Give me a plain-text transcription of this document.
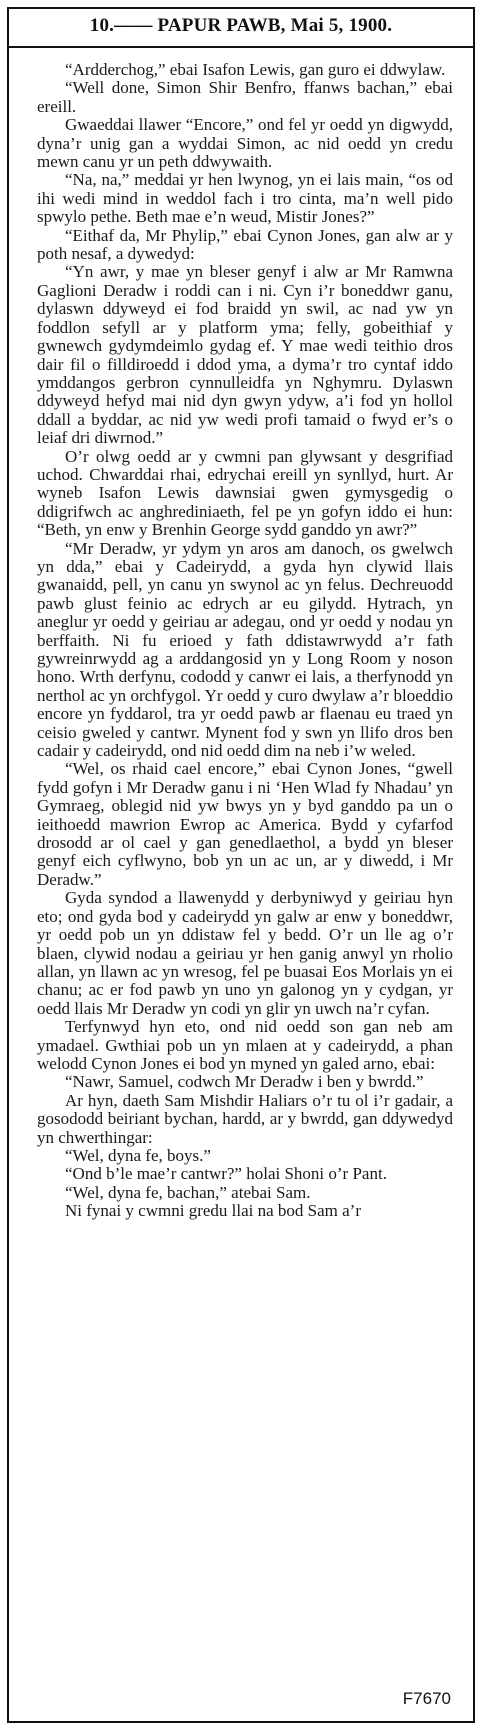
10.—— PAPUR PAWB, Mai 5, 1900.

“Ardderchog,” ebai Isafon Lewis, gan guro ei ddwylaw.

“Well done, Simon Shir Benfro, ffanws bachan,” ebai ereill.

Gwaeddai llawer “Encore,” ond fel yr oedd yn digwydd, dyna’r unig gan a wyddai Simon, ac nid oedd yn credu mewn canu yr un peth ddwywaith.

“Na, na,” meddai yr hen lwynog, yn ei lais main, “os od ihi wedi mind in weddol fach i tro cinta, ma’n well pido spwylo pethe. Beth mae e’n weud, Mistir Jones?”

“Eithaf da, Mr Phylip,” ebai Cynon Jones, gan alw ar y poth nesaf, a dywedyd:

“Yn awr, y mae yn bleser genyf i alw ar Mr Ramwna Gaglioni Deradw i roddi can i ni. Cyn i’r boneddwr ganu, dylaswn ddyweyd ei fod braidd yn swil, ac nad yw yn foddlon sefyll ar y platform yma; felly, gobeithiaf y gwnewch gydymdeimlo gydag ef. Y mae wedi teithio dros dair fil o filldiroedd i ddod yma, a dyma’r tro cyntaf iddo ymddangos gerbron cynnulleidfa yn Nghymru. Dylaswn ddyweyd hefyd mai nid dyn gwyn ydyw, a’i fod yn hollol ddall a byddar, ac nid yw wedi profi tamaid o fwyd er’s o leiaf dri diwrnod.”

O’r olwg oedd ar y cwmni pan glywsant y desgrifiad uchod. Chwarddai rhai, edrychai ereill yn synllyd, hurt. Ar wyneb Isafon Lewis dawnsiai gwen gymysgedig o ddigrifwch ac anghrediniaeth, fel pe yn gofyn iddo ei hun: “Beth, yn enw y Brenhin George sydd ganddo yn awr?”

“Mr Deradw, yr ydym yn aros am danoch, os gwelwch yn dda,” ebai y Cadeirydd, a gyda hyn clywid llais gwanaidd, pell, yn canu yn swynol ac yn felus. Dechreuodd pawb glust feinio ac edrych ar eu gilydd. Hytrach, yn aneglur yr oedd y geiriau ar adegau, ond yr oedd y nodau yn berffaith. Ni fu erioed y fath ddistawrwydd a’r fath gywreinrwydd ag a arddangosid yn y Long Room y noson hono. Wrth derfynu, cododd y canwr ei lais, a therfynodd yn nerthol ac yn orchfygol. Yr oedd y curo dwylaw a’r bloeddio encore yn fyddarol, tra yr oedd pawb ar flaenau eu traed yn ceisio gweled y cantwr. Mynent fod y swn yn llifo dros ben cadair y cadeirydd, ond nid oedd dim na neb i’w weled.

“Wel, os rhaid cael encore,” ebai Cynon Jones, “gwell fydd gofyn i Mr Deradw ganu i ni ‘Hen Wlad fy Nhadau’ yn Gymraeg, oblegid nid yw bwys yn y byd ganddo pa un o ieithoedd mawrion Ewrop ac America. Bydd y cyfarfod drosodd ar ol cael y gan genedlaethol, a bydd yn bleser genyf eich cyflwyno, bob yn un ac un, ar y diwedd, i Mr Deradw.”

Gyda syndod a llawenydd y derbyniwyd y geiriau hyn eto; ond gyda bod y cadeirydd yn galw ar enw y boneddwr, yr oedd pob un yn ddistaw fel y bedd. O’r un lle ag o’r blaen, clywid nodau a geiriau yr hen ganig anwyl yn rholio allan, yn llawn ac yn wresog, fel pe buasai Eos Morlais yn ei chanu; ac er fod pawb yn uno yn galonog yn y cydgan, yr oedd llais Mr Deradw yn codi yn glir yn uwch na’r cyfan.

Terfynwyd hyn eto, ond nid oedd son gan neb am ymadael. Gwthiai pob un yn mlaen at y cadeirydd, a phan welodd Cynon Jones ei bod yn myned yn galed arno, ebai:

“Nawr, Samuel, codwch Mr Deradw i ben y bwrdd.”

Ar hyn, daeth Sam Mishdir Haliars o’r tu ol i’r gadair, a gosododd beiriant bychan, hardd, ar y bwrdd, gan ddywedyd yn chwerthingar:

“Wel, dyna fe, boys.”

“Ond b’le mae’r cantwr?” holai Shoni o’r Pant.

“Wel, dyna fe, bachan,” atebai Sam.

Ni fynai y cwmni gredu llai na bod Sam a’r

F7670
